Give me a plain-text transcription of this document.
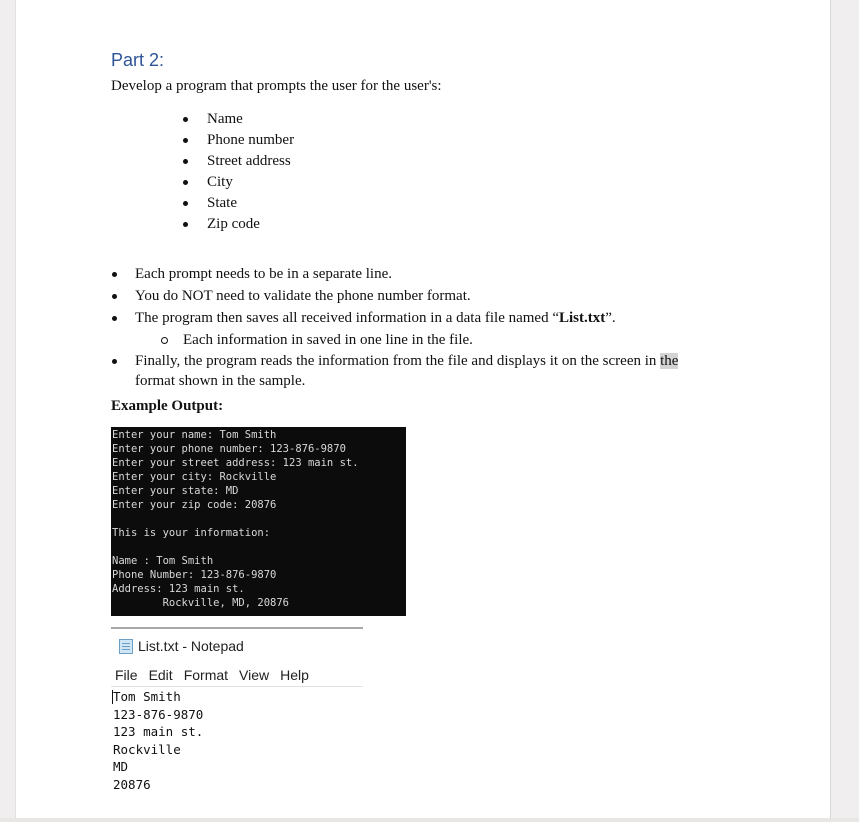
Part 2:
Develop a program that prompts the user for the user's:
Name
Phone number
Street address
City
State
Zip code
Each prompt needs to be in a separate line.
You do NOT need to validate the phone number format.
The program then saves all received information in a data file named “List.txt”.
Each information in saved in one line in the file.
Finally, the program reads the information from the file and displays it on the screen in the
format shown in the sample.
Example Output:
Enter your name: Tom Smith
Enter your phone number: 123-876-9870
Enter your street address: 123 main st.
Enter your city: Rockville
Enter your state: MD
Enter your zip code: 20876
This is your information:
Name : Tom Smith
Phone Number: 123-876-9870
Address: 123 main st.
Rockville, MD, 20876
List.txt - Notepad
File Edit Format View Help
Tom Smith
123-876-9870
123 main st.
Rockville
MD
20876
